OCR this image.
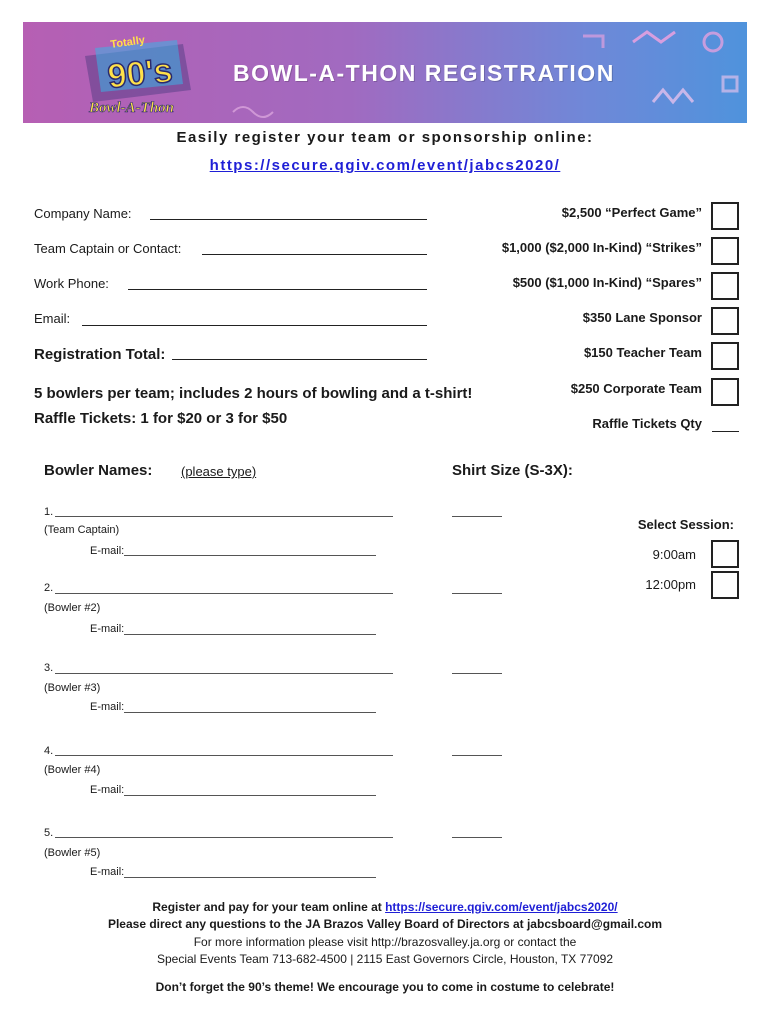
Totally
90's
Bowl-A-Thon
BOWL-A-THON REGISTRATION
Easily register your team or sponsorship online:
https://secure.qgiv.com/event/jabcs2020/
Company Name:
Team Captain or Contact:
Work Phone:
Email:
Registration Total:
$2,500 “Perfect Game”
$1,000 ($2,000 In-Kind) “Strikes”
$500 ($1,000 In-Kind) “Spares”
$350 Lane Sponsor
$150 Teacher Team
$250 Corporate Team
Raffle Tickets Qty
5 bowlers per team; includes 2 hours of bowling and a t-shirt!
Raffle Tickets: 1 for $20 or 3 for $50
Bowler Names: (please type)	Shirt Size (S-3X):
1.
(Team Captain)
E-mail:
2.
(Bowler #2)
E-mail:
3.
(Bowler #3)
E-mail:
4.
(Bowler #4)
E-mail:
5.
(Bowler #5)
E-mail:
Select Session:
9:00am
12:00pm
Register and pay for your team online at https://secure.qgiv.com/event/jabcs2020/
Please direct any questions to the JA Brazos Valley Board of Directors at jabcsboard@gmail.com
For more information please visit http://brazosvalley.ja.org or contact the
Special Events Team 713-682-4500 | 2115 East Governors Circle, Houston, TX 77092
Don’t forget the 90’s theme! We encourage you to come in costume to celebrate!
